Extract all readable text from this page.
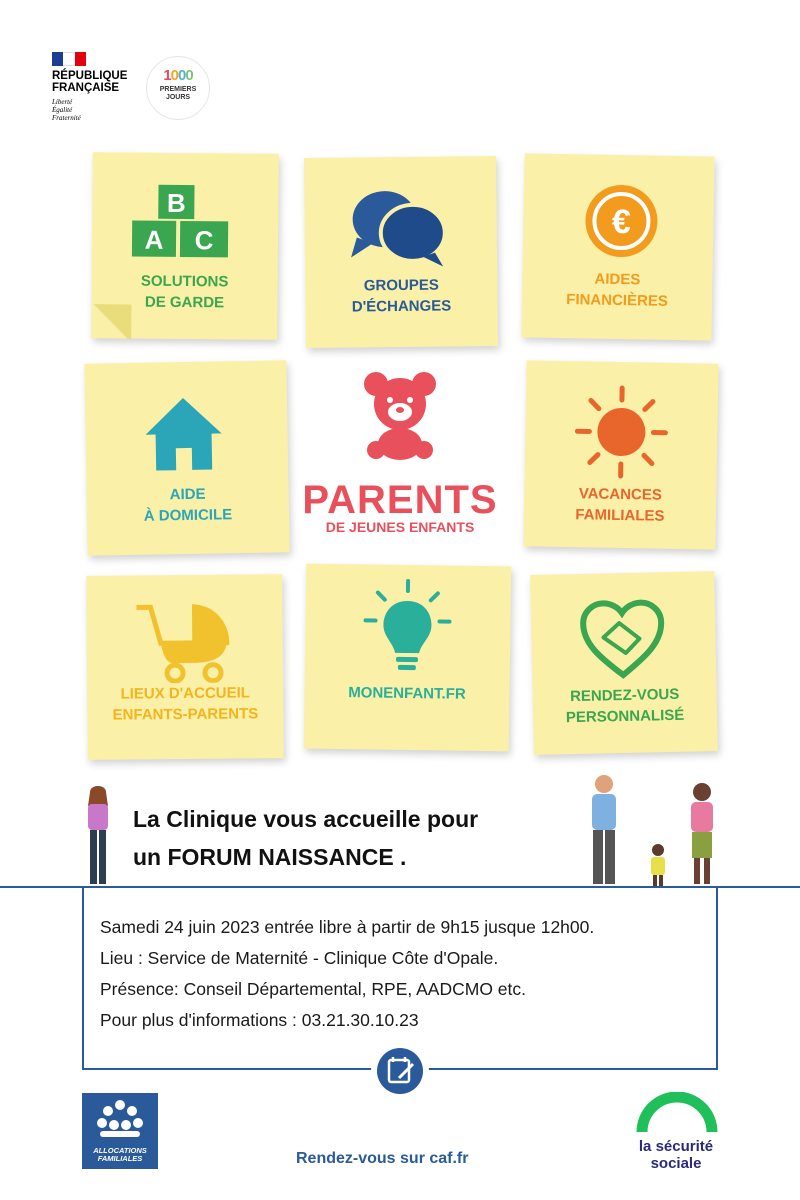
RÉPUBLIQUE
FRANÇAISE
Liberté
Égalité
Fraternité
1000
PREMIERS
JOURS
B
A C
SOLUTIONS
DE GARDE
GROUPES
D'ÉCHANGES
€
AIDES
FINANCIÈRES
AIDE
À DOMICILE	PARENTS
DE JEUNES ENFANTS
VACANCES
FAMILIALES
LIEUX D'ACCUEIL
ENFANTS-PARENTS
MONENFANT.FR	RENDEZ-VOUS
PERSONNALISÉ
La Clinique vous accueille pour
un FORUM NAISSANCE .
Samedi 24 juin 2023 entrée libre à partir de 9h15 jusque 12h00.
Lieu : Service de Maternité - Clinique Côte d'Opale.
Présence: Conseil Départemental, RPE, AADCMO etc.
Pour plus d'informations : 03.21.30.10.23
ALLOCATIONS
FAMILIALES	Rendez-vous sur caf.fr
la sécurité
sociale
